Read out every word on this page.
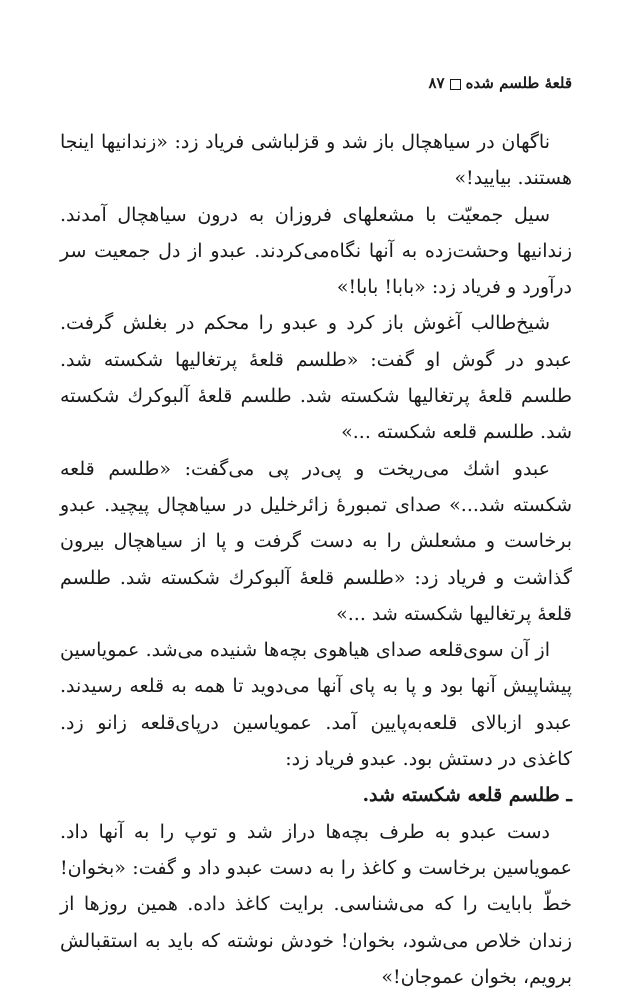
قلعهٔ طلسم شده۸۷

ناگهان در سیاهچال باز شد و قزلباشی فریاد زد: «زندانیها اینجا هستند. بیایید!»

سیل جمعیّت با مشعلهای فروزان به درون سیاهچال آمدند. زندانیها وحشت‌زده به آنها نگاه‌می‌کردند. عبدو از دل جمعیت سر درآورد و فریاد زد: «بابا! بابا!»

شیخ‌طالب آغوش باز کرد و عبدو را محکم در بغلش گرفت. عبدو در گوش او گفت: «طلسم قلعهٔ پرتغالیها شکسته شد. طلسم قلعهٔ پرتغالیها شکسته شد. طلسم قلعهٔ آلبوکرك شکسته شد. طلسم قلعه شکسته ...»

عبدو اشك می‌ریخت و پی‌در پی می‌گفت: «طلسم قلعه شکسته شد...» صدای تمبورهٔ زائرخلیل در سیاهچال پیچید. عبدو برخاست و مشعلش را به دست گرفت و پا از سیاهچال بیرون گذاشت و فریاد زد: «طلسم قلعهٔ آلبوکرك شکسته شد. طلسم قلعهٔ پرتغالیها شکسته شد ...»

از آن سوی‌قلعه صدای هیاهوی بچه‌ها شنیده می‌شد. عمویاسین پیشاپیش آنها بود و پا به پای آنها می‌دوید تا همه به قلعه رسیدند. عبدو ازبالای قلعه‌به‌پایین آمد. عمویاسین درپای‌قلعه زانو زد. کاغذی در دستش بود. عبدو فریاد زد:

ـ طلسم قلعه شکسته شد.

دست عبدو به طرف بچه‌ها دراز شد و توپ را به آنها داد. عمویاسین برخاست و کاغذ را به دست عبدو داد و گفت: «بخوان! خطّ بابایت را که می‌شناسی. برایت کاغذ داده. همین روزها از زندان خلاص می‌شود، بخوان! خودش نوشته که باید به استقبالش برویم، بخوان عموجان!»
